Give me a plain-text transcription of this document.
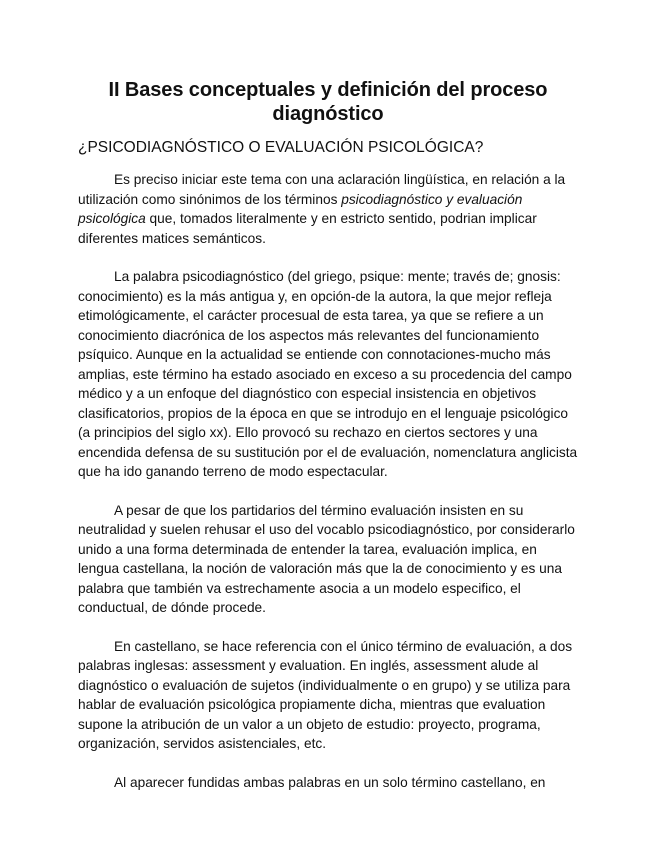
II Bases conceptuales y definición del proceso diagnóstico
¿PSICODIAGNÓSTICO O EVALUACIÓN PSICOLÓGICA?

Es preciso iniciar este tema con una aclaración lingüística, en relación a la utilización como sinónimos de los términos psicodiagnóstico y evaluación psicológica que, tomados literalmente y en estricto sentido, podrian implicar diferentes matices semánticos.

La palabra psicodiagnóstico (del griego, psique: mente; través de; gnosis: conocimiento) es la más antigua y, en opción-de la autora, la que mejor refleja etimológicamente, el carácter procesual de esta tarea, ya que se refiere a un conocimiento diacrónica de los aspectos más relevantes del funcionamiento psíquico. Aunque en la actualidad se entiende con connotaciones-mucho más amplias, este término ha estado asociado en exceso a su procedencia del campo médico y a un enfoque del diagnóstico con especial insistencia en objetivos clasificatorios, propios de la época en que se introdujo en el lenguaje psicológico (a principios del siglo xx). Ello provocó su rechazo en ciertos sectores y una encendida defensa de su sustitución por el de evaluación, nomenclatura anglicista que ha ido ganando terreno de modo espectacular.

A pesar de que los partidarios del término evaluación insisten en su neutralidad y suelen rehusar el uso del vocablo psicodiagnóstico, por considerarlo unido a una forma determinada de entender la tarea, evaluación implica, en lengua castellana, la noción de valoración más que la de conocimiento y es una palabra que también va estrechamente asocia a un modelo especifico, el conductual, de dónde procede.

En castellano, se hace referencia con el único término de evaluación, a dos palabras inglesas: assessment y evaluation. En inglés, assessment alude al diagnóstico o evaluación de sujetos (individualmente o en grupo) y se utiliza para hablar de evaluación psicológica propiamente dicha, mientras que evaluation supone la atribución de un valor a un objeto de estudio: proyecto, programa, organización, servidos asistenciales, etc.

Al aparecer fundidas ambas palabras en un solo término castellano, en
